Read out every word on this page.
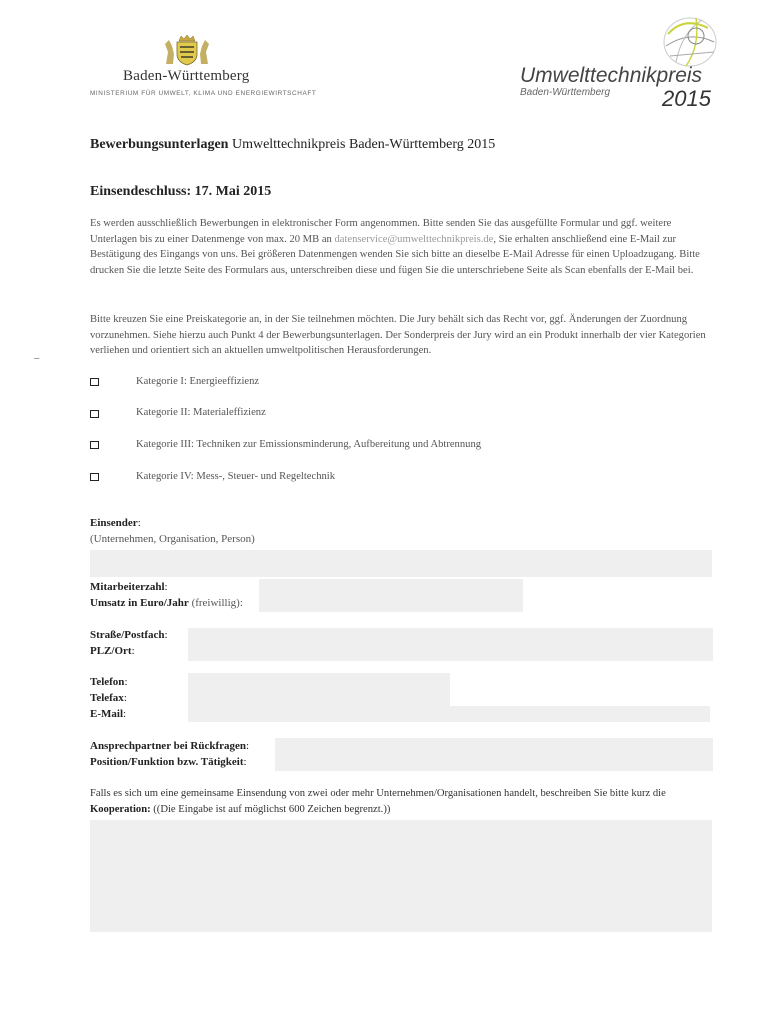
Baden-Württemberg
MINISTERIUM FÜR UMWELT, KLIMA UND ENERGIEWIRTSCHAFT
Umwelttechnikpreis
Baden-Württemberg 2015
Bewerbungsunterlagen Umwelttechnikpreis Baden-Württemberg 2015
Einsendeschluss: 17. Mai 2015
Es werden ausschließlich Bewerbungen in elektronischer Form angenommen. Bitte senden Sie das ausgefüllte Formular und ggf. weitere Unterlagen bis zu einer Datenmenge von max. 20 MB an datenservice@umwelttechnikpreis.de, Sie erhalten anschließend eine E-Mail zur Bestätigung des Eingangs von uns. Bei größeren Datenmengen wenden Sie sich bitte an dieselbe E-Mail Adresse für einen Uploadzugang. Bitte drucken Sie die letzte Seite des Formulars aus, unterschreiben diese und fügen Sie die unterschriebene Seite als Scan ebenfalls der E-Mail bei.
Bitte kreuzen Sie eine Preiskategorie an, in der Sie teilnehmen möchten. Die Jury behält sich das Recht vor, ggf. Änderungen der Zuordnung vorzunehmen. Siehe hierzu auch Punkt 4 der Bewerbungsunterlagen. Der Sonderpreis der Jury wird an ein Produkt innerhalb der vier Kategorien verliehen und orientiert sich an aktuellen umweltpolitischen Herausforderungen.
–
Kategorie I: Energieeffizienz
Kategorie II: Materialeffizienz
Kategorie III: Techniken zur Emissionsminderung, Aufbereitung und Abtrennung
Kategorie IV: Mess-, Steuer- und Regeltechnik
Einsender:
(Unternehmen, Organisation, Person)
Mitarbeiterzahl:
Umsatz in Euro/Jahr (freiwillig):
Straße/Postfach:
PLZ/Ort:
Telefon:
Telefax:
E-Mail:
Ansprechpartner bei Rückfragen:
Position/Funktion bzw. Tätigkeit:
Falls es sich um eine gemeinsame Einsendung von zwei oder mehr Unternehmen/Organisationen handelt, beschreiben Sie bitte kurz die Kooperation: ((Die Eingabe ist auf möglichst 600 Zeichen begrenzt.))
